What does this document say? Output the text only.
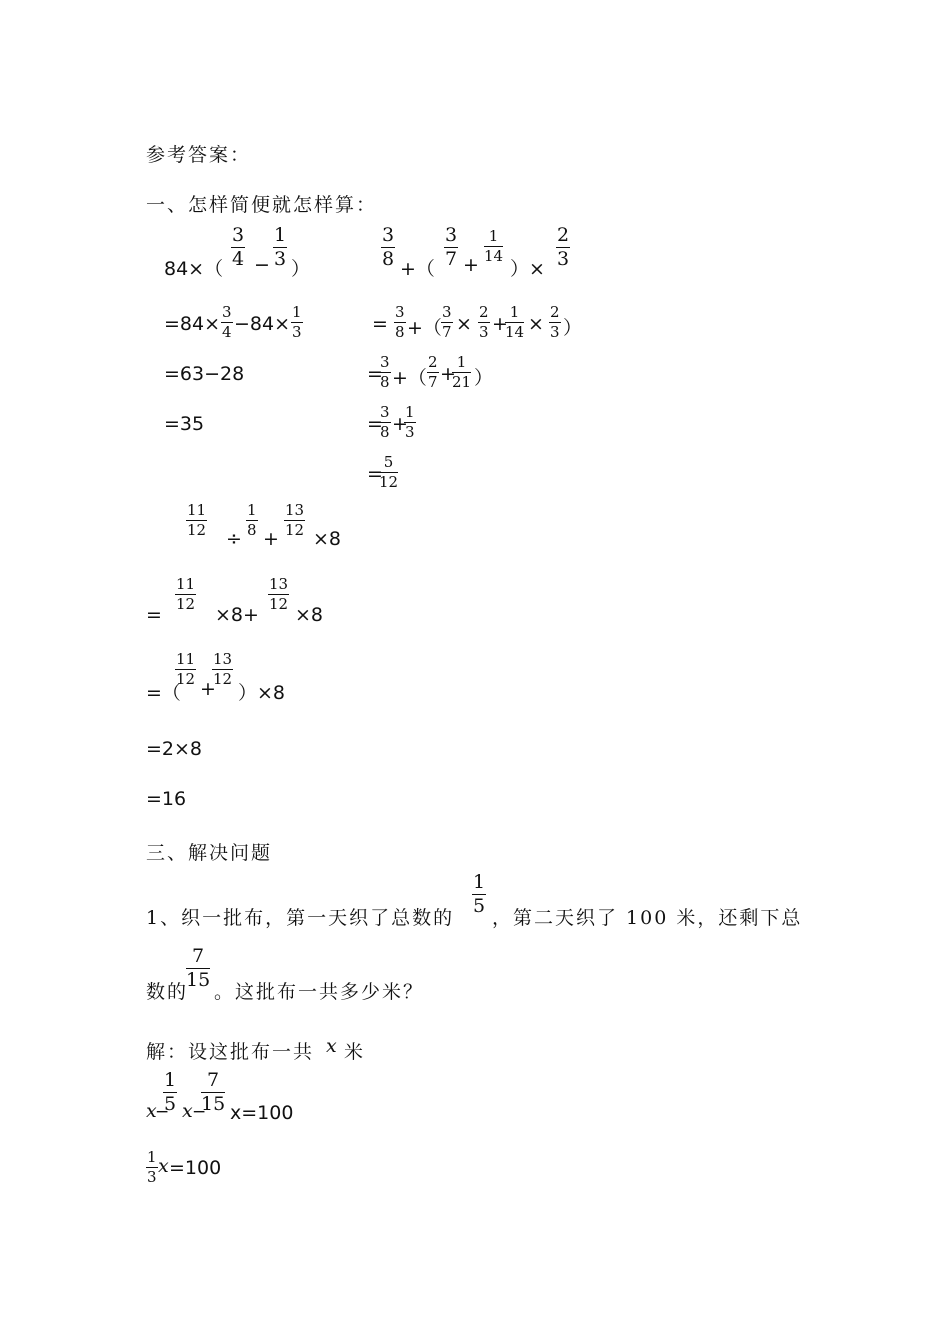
参考答案：
一、怎样简便就怎样算：
84×（
3
4 −
1
3 ）
=84×
3
4 −84×
1
3
=63−28
=35
3
8 +（
3
7 +
1
14
）×
2
3
=
3
8 +（
3
7 ×
2
3 +
1
14 ×
2
3 ）
=
3
8 +（
2
7 +
1
21 ）
=
3
8 +
1
3
=
5
12
11
12 ÷
1
8 +
13
12 ×8
=
11
12 ×8+
13
12 ×8
=（
11
12 +
13
12
）×8
=2×8
=16
三、解决问题
1、织一批布，第一天织了总数的
1
5
，第二天织了 100 米，还剩下总
数的
7
15
。这批布一共多少米？
解：设这批布一共 x 米
x
−
1
5 x −
7
15 x=100
1
3 x =100
